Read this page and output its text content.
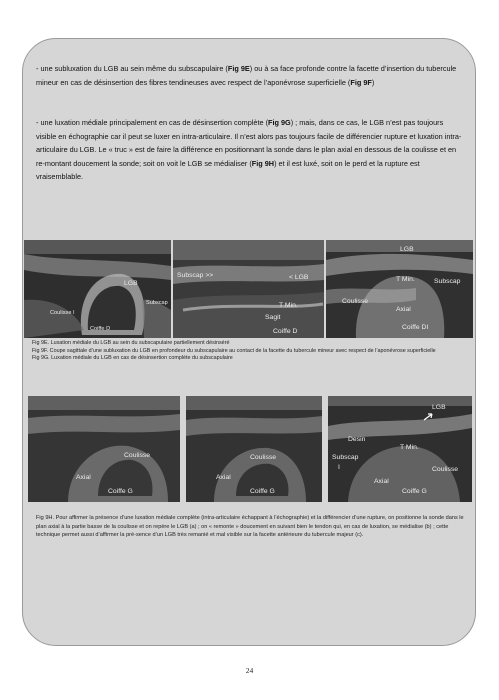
- une subluxation du LGB au sein même du subscapulaire (Fig 9E) ou à sa face profonde contre la facette d’insertion du tubercule mineur en cas de désinsertion des fibres tendineuses avec respect de l’aponévrose superficielle (Fig 9F)
- une luxation médiale principalement en cas de désinsertion complète (Fig 9G) ; mais, dans ce cas, le LGB n’est pas toujours visible en échographie car il peut se luxer en intra-articulaire. Il n’est alors pas toujours facile de différencier rupture et luxation intra-articulaire du LGB. Le « truc » est de faire la différence en positionnant la sonde dans le plan axial en dessous de la coulisse et en re-montant doucement la sonde; soit on voit le LGB se médialiser (Fig 9H) et il est luxé, soit on le perd et la rupture est vraisemblable.
LGB
Subscap
Coulisse I
Coiffe D
Subscap >>	< LGB
T Min.
Sagit
Coiffe D
LGB
T Min.	Subscap
Coulisse
Axial
Coiffe DI
Fig 9E. Luxation médiale du LGB au sein du subscapulaire partiellement désinséré
Fig 9F. Coupe sagittale d’une subluxation du LGB en profondeur du subscapulaire au contact de la facette du tubercule mineur avec respect de l’aponévrose superficielle
Fig 9G. Luxation médiale du LGB en cas de désinsertion complète du subscapulaire
Coulisse
Axial
Coiffe G
Coulisse
Axial
Coiffe G
LGB
Desin
T Min.
Subscap
I	Coulisse
Axial
Coiffe G
Fig 9H. Pour affirmer la présence d’une luxation médiale complète (intra-articulaire échappant à l’échographie) et la différencier d’une rupture, on positionne la sonde dans le plan axial à la partie basse de la coulisse et on repère le LGB (a) ; on « remonte » doucement en suivant bien le tendon qui, en cas de luxation, se médialise (b) ; cette technique permet aussi d’affirmer la pré-sence d’un LGB très remanié et mal visible sur la facette antérieure du tubercule majeur (c).
24
